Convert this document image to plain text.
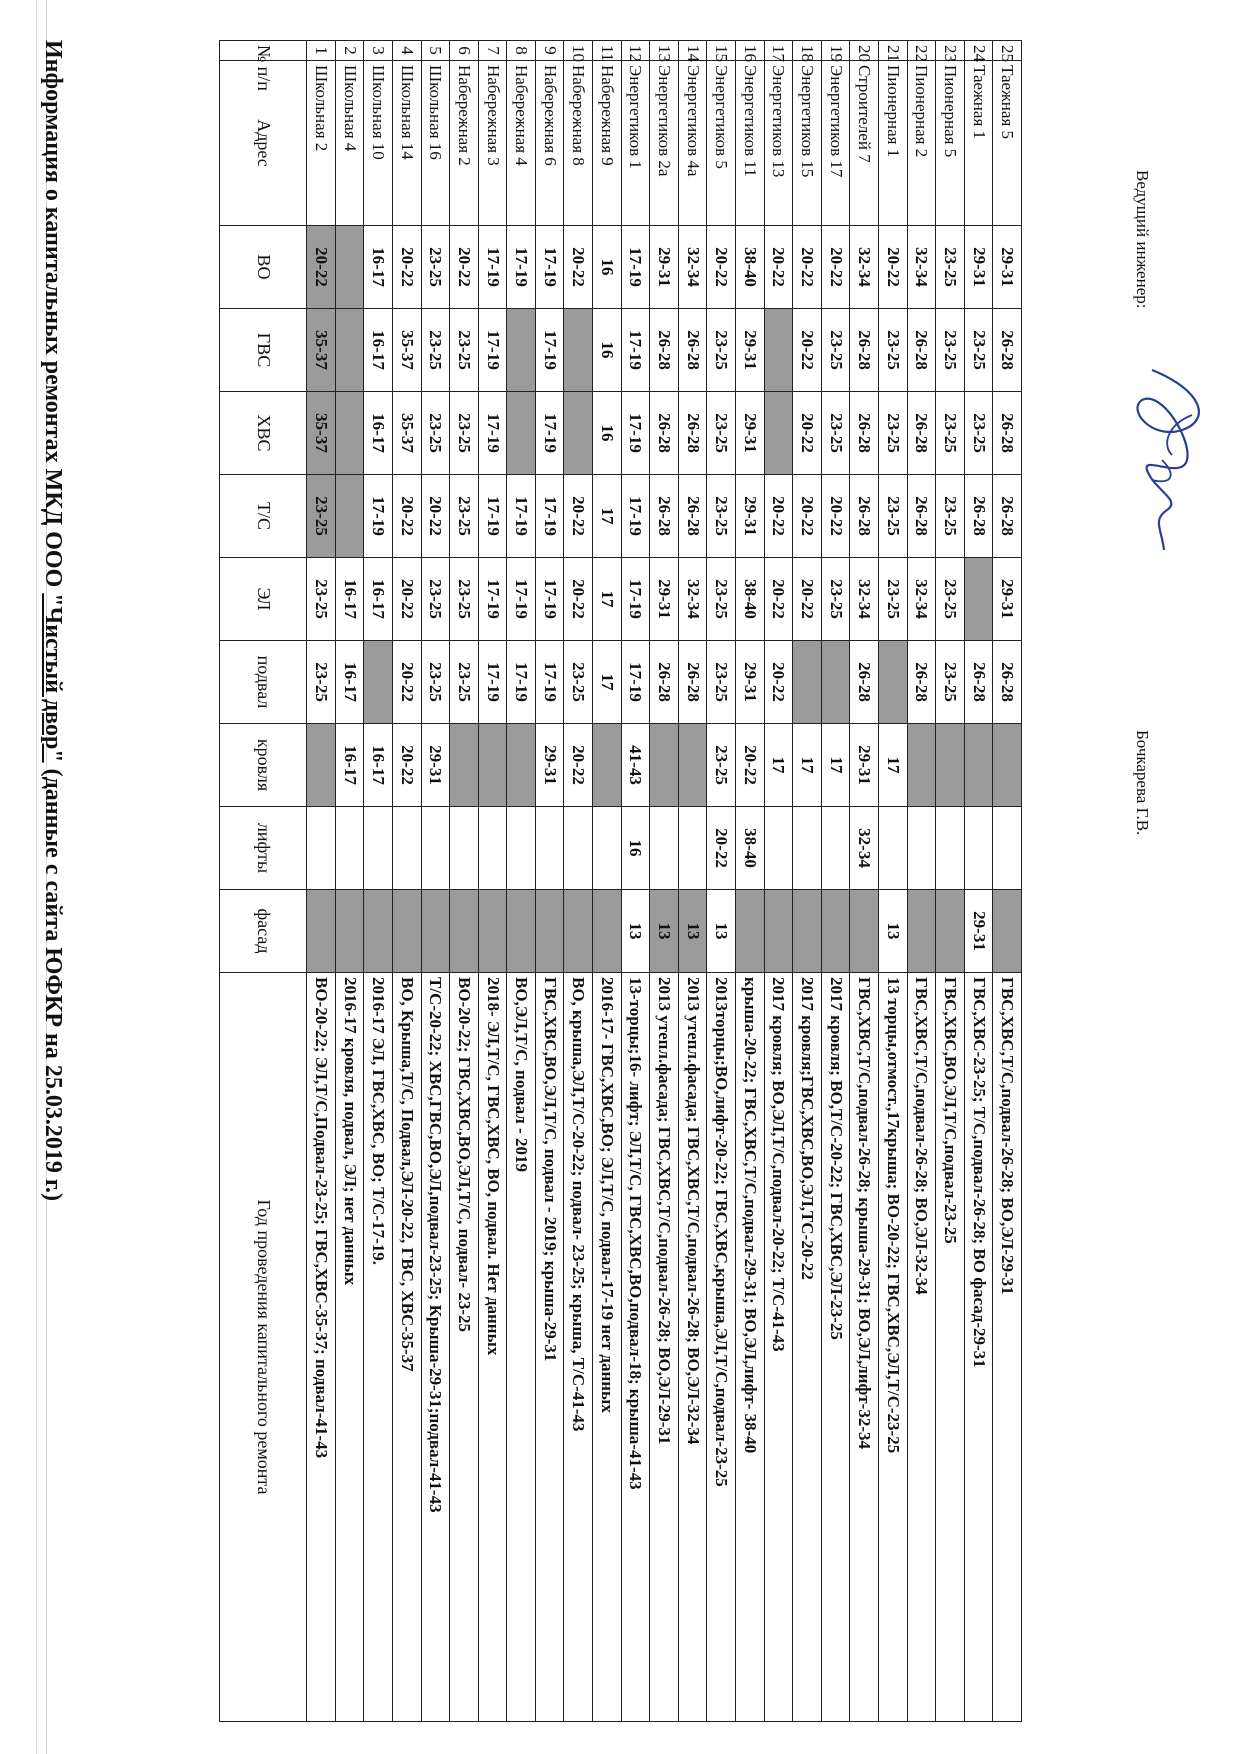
Информация о капитальных ремонтах МКД ООО "Чистый двор" (данные с сайта ЮФКР на 25.03.2019 г.)
25	Таежная 5	29-31	26-28	26-28	26-28	29-31	26-28				ГВС,ХВС,Т/С,подвал-26-28; ВО,ЭЛ-29-31
24	Таежная 1	29-31	23-25	23-25	26-28		26-28			29-31	ГВС,ХВС-23-25; Т/С,подвал-26-28; ВО фасад-29-31
23	Пионерная 5	23-25	23-25	23-25	23-25	23-25	23-25				ГВС,ХВС,ВО,ЭЛ,Т/С,подвал-23-25
22	Пионерная 2	32-34	26-28	26-28	26-28	32-34	26-28				ГВС,ХВС,Т/С,подвал-26-28; ВО,ЭЛ-32-34
21	Пионерная 1	20-22	23-25	23-25	23-25	23-25		17		13	13 торцы,отмост.,17крыша; ВО-20-22; ГВС,ХВС,ЭЛ,Т/С-23-25
20	Строителей 7	32-34	26-28	26-28	26-28	32-34	26-28	29-31	32-34		ГВС,ХВС,Т/С,подвал-26-28; крыша-29-31; ВО,ЭЛ,лифт-32-34
19	Энергетиков 17	20-22	23-25	23-25	20-22	23-25		17			2017 кровля; ВО,Т/С-20-22; ГВС,ХВС,ЭЛ-23-25
18	Энергетиков 15	20-22	20-22	20-22	20-22	20-22		17			2017 кровля;ГВС,ХВС,ВО,ЭЛ,ТС-20-22
17	Энергетиков 13	20-22			20-22	20-22	20-22	17			2017 кровля; ВО,ЭЛ,Т/С,подвал-20-22; Т/С-41-43
16	Энергетиков 11	38-40	29-31	29-31	29-31	38-40	29-31	20-22	38-40		крыша-20-22; ГВС,ХВС,Т/С,подвал-29-31; ВО,ЭЛ,лифт- 38-40
15	Энергетиков 5	20-22	23-25	23-25	23-25	23-25	23-25	23-25	20-22	13	2013торцы;ВО,лифт-20-22; ГВС,ХВС,крыша,ЭЛ,Т/С,подвал-23-25
14	Энергетиков 4а	32-34	26-28	26-28	26-28	32-34	26-28			13	2013 утепл.фасада; ГВС,ХВС,Т/С,подвал-26-28; ВО,ЭЛ-32-34
13	Энергетиков 2а	29-31	26-28	26-28	26-28	29-31	26-28			13	2013 утепл.фасада; ГВС,ХВС,Т/С,подвал-26-28; ВО,ЭЛ-29-31
12	Энергетиков 1	17-19	17-19	17-19	17-19	17-19	17-19	41-43	16	13	13-торцы;16- лифт; ЭЛ,Т/С, ГВС,ХВС,ВО,подвал-18; крыша-41-43
11	Набережная 9	16	16	16	17	17	17				2016-17- ГВС,ХВС,ВО; ЭЛ,Т/С, подвал-17-19 нет данных
10	Набережная 8	20-22			20-22	20-22	23-25	20-22			ВО, крыша,ЭЛ,Т/С-20-22; подвал- 23-25; крыша, Т/С-41-43
9	Набережная 6	17-19	17-19	17-19	17-19	17-19	17-19	29-31			ГВС,ХВС,ВО,ЭЛ,Т/С, подвал - 2019; крыша-29-31
8	Набережная 4	17-19			17-19	17-19	17-19				ВО,ЭЛ,Т/С, подвал - 2019
7	Набережная 3	17-19	17-19	17-19	17-19	17-19	17-19				2018- ЭЛ,Т/С, ГВС,ХВС, ВО, подвал. Нет данных
6	Набережная 2	20-22	23-25	23-25	23-25	23-25	23-25				ВО-20-22; ГВС,ХВС,ВО,ЭЛ,Т/С, подвал- 23-25
5	Школьная 16	23-25	23-25	23-25	20-22	23-25	23-25	29-31			Т/С-20-22; ХВС,ГВС,ВО,ЭЛ,подвал-23-25; Крыша-29-31;подвал-41-43
4	Школьная 14	20-22	35-37	35-37	20-22	20-22	20-22	20-22			ВО, Крыша,Т/С, Подвал,ЭЛ-20-22, ГВС, ХВС-35-37
3	Школьная 10	16-17	16-17	16-17	17-19	16-17		16-17			2016-17 ЭЛ, ГВС,ХВС, ВО; Т/С-17-19.
2	Школьная 4					16-17	16-17	16-17			2016-17 кровля, подвал, ЭЛ; нет данных
1	Школьная 2	20-22	35-37	35-37	23-25	23-25	23-25				ВО-20-22; ЭЛ,Т/С,Подвал-23-25; ГВС,ХВС-35-37; подвал-41-43
№ п/п	Адрес	ВО	ГВС	ХВС	Т/С	ЭЛ	подвал	кровля	лифты	фасад	Год проведения капитального ремонта
Ведущий инженер:
Бочкарева Г.В.
